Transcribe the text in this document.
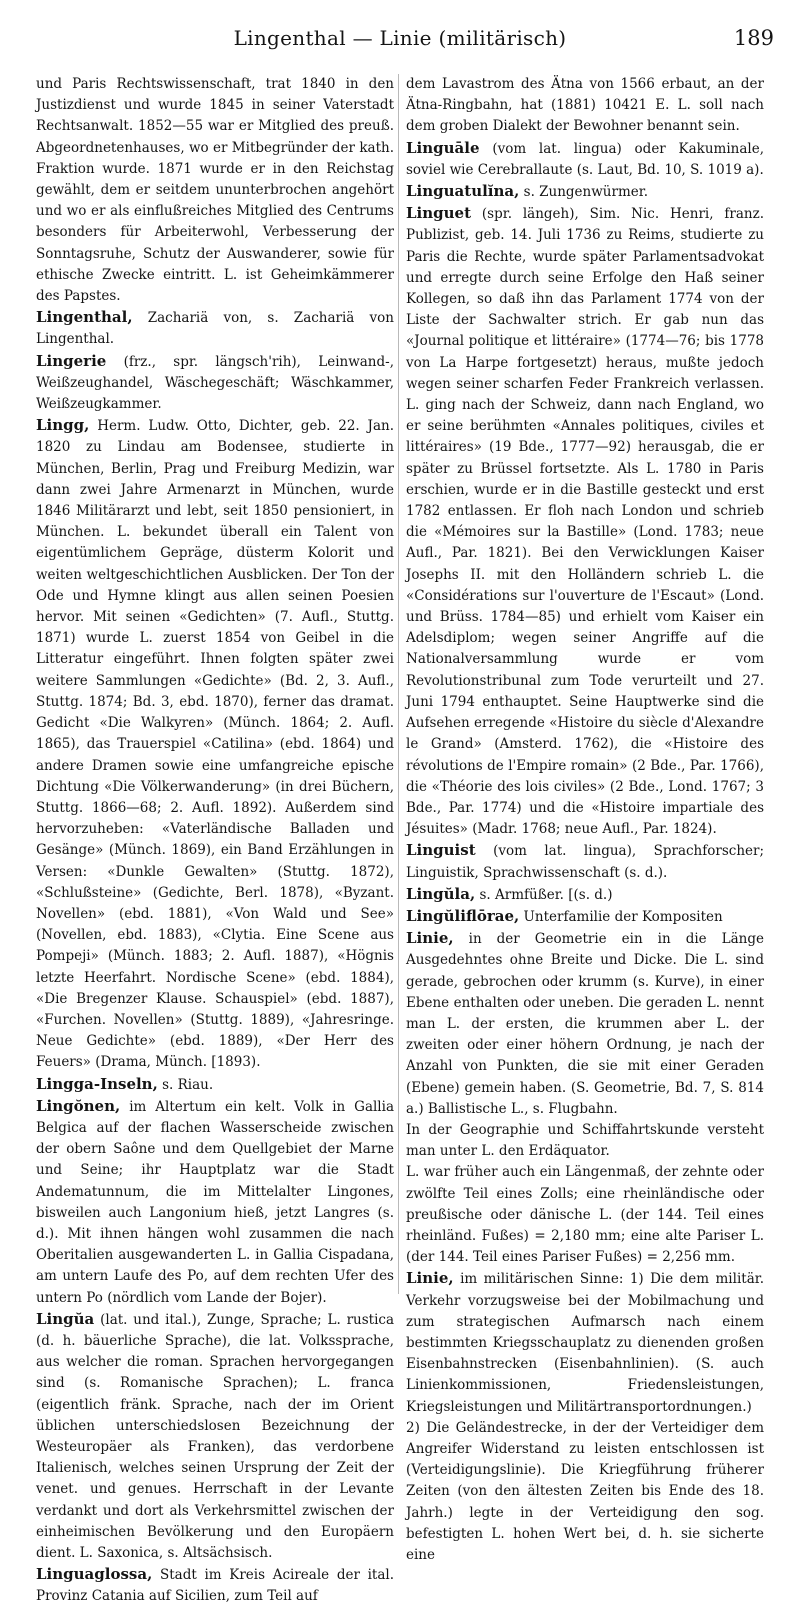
Lingenthal — Linie (militärisch)	189

und Paris Rechtswissenschaft, trat 1840 in den Justizdienst und wurde 1845 in seiner Vaterstadt Rechtsanwalt. 1852—55 war er Mitglied des preuß. Abgeordnetenhauses, wo er Mitbegründer der kath. Fraktion wurde. 1871 wurde er in den Reichstag gewählt, dem er seitdem ununterbrochen angehört und wo er als einflußreiches Mitglied des Centrums besonders für Arbeiterwohl, Verbesserung der Sonntagsruhe, Schutz der Auswanderer, sowie für ethische Zwecke eintritt. L. ist Geheimkämmerer des Papstes.

Lingenthal, Zachariä von, s. Zachariä von Lingenthal.

Lingerie (frz., spr. längsch'rih), Leinwand-, Weißzeughandel, Wäschegeschäft; Wäschkammer, Weißzeugkammer.

Lingg, Herm. Ludw. Otto, Dichter, geb. 22. Jan. 1820 zu Lindau am Bodensee, studierte in München, Berlin, Prag und Freiburg Medizin, war dann zwei Jahre Armenarzt in München, wurde 1846 Militärarzt und lebt, seit 1850 pensioniert, in München. L. bekundet überall ein Talent von eigentümlichem Gepräge, düsterm Kolorit und weiten weltgeschichtlichen Ausblicken. Der Ton der Ode und Hymne klingt aus allen seinen Poesien hervor. Mit seinen «Gedichten» (7. Aufl., Stuttg. 1871) wurde L. zuerst 1854 von Geibel in die Litteratur eingeführt. Ihnen folgten später zwei weitere Sammlungen «Gedichte» (Bd. 2, 3. Aufl., Stuttg. 1874; Bd. 3, ebd. 1870), ferner das dramat. Gedicht «Die Walkyren» (Münch. 1864; 2. Aufl. 1865), das Trauerspiel «Catilina» (ebd. 1864) und andere Dramen sowie eine umfangreiche epische Dichtung «Die Völkerwanderung» (in drei Büchern, Stuttg. 1866—68; 2. Aufl. 1892). Außerdem sind hervorzuheben: «Vaterländische Balladen und Gesänge» (Münch. 1869), ein Band Erzählungen in Versen: «Dunkle Gewalten» (Stuttg. 1872), «Schlußsteine» (Gedichte, Berl. 1878), «Byzant. Novellen» (ebd. 1881), «Von Wald und See» (Novellen, ebd. 1883), «Clytia. Eine Scene aus Pompeji» (Münch. 1883; 2. Aufl. 1887), «Högnis letzte Heerfahrt. Nordische Scene» (ebd. 1884), «Die Bregenzer Klause. Schauspiel» (ebd. 1887), «Furchen. Novellen» (Stuttg. 1889), «Jahresringe. Neue Gedichte» (ebd. 1889), «Der Herr des Feuers» (Drama, Münch. [1893).

Lingga-Inseln, s. Riau.

Lingŏnen, im Altertum ein kelt. Volk in Gallia Belgica auf der flachen Wasserscheide zwischen der obern Saône und dem Quellgebiet der Marne und Seine; ihr Hauptplatz war die Stadt Andematunnum, die im Mittelalter Lingones, bisweilen auch Langonium hieß, jetzt Langres (s. d.). Mit ihnen hängen wohl zusammen die nach Oberitalien ausgewanderten L. in Gallia Cispadana, am untern Laufe des Po, auf dem rechten Ufer des untern Po (nördlich vom Lande der Bojer).

Lingŭa (lat. und ital.), Zunge, Sprache; L. rustica (d. h. bäuerliche Sprache), die lat. Volkssprache, aus welcher die roman. Sprachen hervorgegangen sind (s. Romanische Sprachen); L. franca (eigentlich fränk. Sprache, nach der im Orient üblichen unterschiedslosen Bezeichnung der Westeuropäer als Franken), das verdorbene Italienisch, welches seinen Ursprung der Zeit der venet. und genues. Herrschaft in der Levante verdankt und dort als Verkehrsmittel zwischen der einheimischen Bevölkerung und den Europäern dient. L. Saxonica, s. Altsächsisch.

Linguaglossa, Stadt im Kreis Acireale der ital. Provinz Catania auf Sicilien, zum Teil auf

dem Lavastrom des Ätna von 1566 erbaut, an der Ätna-Ringbahn, hat (1881) 10421 E. L. soll nach dem groben Dialekt der Bewohner benannt sein.

Linguāle (vom lat. lingua) oder Kakuminale, soviel wie Cerebrallaute (s. Laut, Bd. 10, S. 1019 a).

Linguatulĭna, s. Zungenwürmer.

Linguet (spr. längeh), Sim. Nic. Henri, franz. Publizist, geb. 14. Juli 1736 zu Reims, studierte zu Paris die Rechte, wurde später Parlamentsadvokat und erregte durch seine Erfolge den Haß seiner Kollegen, so daß ihn das Parlament 1774 von der Liste der Sachwalter strich. Er gab nun das «Journal politique et littéraire» (1774—76; bis 1778 von La Harpe fortgesetzt) heraus, mußte jedoch wegen seiner scharfen Feder Frankreich verlassen. L. ging nach der Schweiz, dann nach England, wo er seine berühmten «Annales politiques, civiles et littéraires» (19 Bde., 1777—92) herausgab, die er später zu Brüssel fortsetzte. Als L. 1780 in Paris erschien, wurde er in die Bastille gesteckt und erst 1782 entlassen. Er floh nach London und schrieb die «Mémoires sur la Bastille» (Lond. 1783; neue Aufl., Par. 1821). Bei den Verwicklungen Kaiser Josephs II. mit den Holländern schrieb L. die «Considérations sur l'ouverture de l'Escaut» (Lond. und Brüss. 1784—85) und erhielt vom Kaiser ein Adelsdiplom; wegen seiner Angriffe auf die Nationalversammlung wurde er vom Revolutionstribunal zum Tode verurteilt und 27. Juni 1794 enthauptet. Seine Hauptwerke sind die Aufsehen erregende «Histoire du siècle d'Alexandre le Grand» (Amsterd. 1762), die «Histoire des révolutions de l'Empire romain» (2 Bde., Par. 1766), die «Théorie des lois civiles» (2 Bde., Lond. 1767; 3 Bde., Par. 1774) und die «Histoire impartiale des Jésuites» (Madr. 1768; neue Aufl., Par. 1824).

Linguist (vom lat. lingua), Sprachforscher; Linguistik, Sprachwissenschaft (s. d.).

Lingŭla, s. Armfüßer. [(s. d.)

Lingŭliflōrae, Unterfamilie der Kompositen

Linie, in der Geometrie ein in die Länge Ausgedehntes ohne Breite und Dicke. Die L. sind gerade, gebrochen oder krumm (s. Kurve), in einer Ebene enthalten oder uneben. Die geraden L. nennt man L. der ersten, die krummen aber L. der zweiten oder einer höhern Ordnung, je nach der Anzahl von Punkten, die sie mit einer Geraden (Ebene) gemein haben. (S. Geometrie, Bd. 7, S. 814 a.) Ballistische L., s. Flugbahn.

In der Geographie und Schiffahrtskunde versteht man unter L. den Erdäquator.

L. war früher auch ein Längenmaß, der zehnte oder zwölfte Teil eines Zolls; eine rheinländische oder preußische oder dänische L. (der 144. Teil eines rheinländ. Fußes) = 2,180 mm; eine alte Pariser L. (der 144. Teil eines Pariser Fußes) = 2,256 mm.

Linie, im militärischen Sinne: 1) Die dem militär. Verkehr vorzugsweise bei der Mobilmachung und zum strategischen Aufmarsch nach einem bestimmten Kriegsschauplatz zu dienenden großen Eisenbahnstrecken (Eisenbahnlinien). (S. auch Linienkommissionen, Friedensleistungen, Kriegsleistungen und Militärtransportordnungen.)

2) Die Geländestrecke, in der der Verteidiger dem Angreifer Widerstand zu leisten entschlossen ist (Verteidigungslinie). Die Kriegführung früherer Zeiten (von den ältesten Zeiten bis Ende des 18. Jahrh.) legte in der Verteidigung den sog. befestigten L. hohen Wert bei, d. h. sie sicherte eine
